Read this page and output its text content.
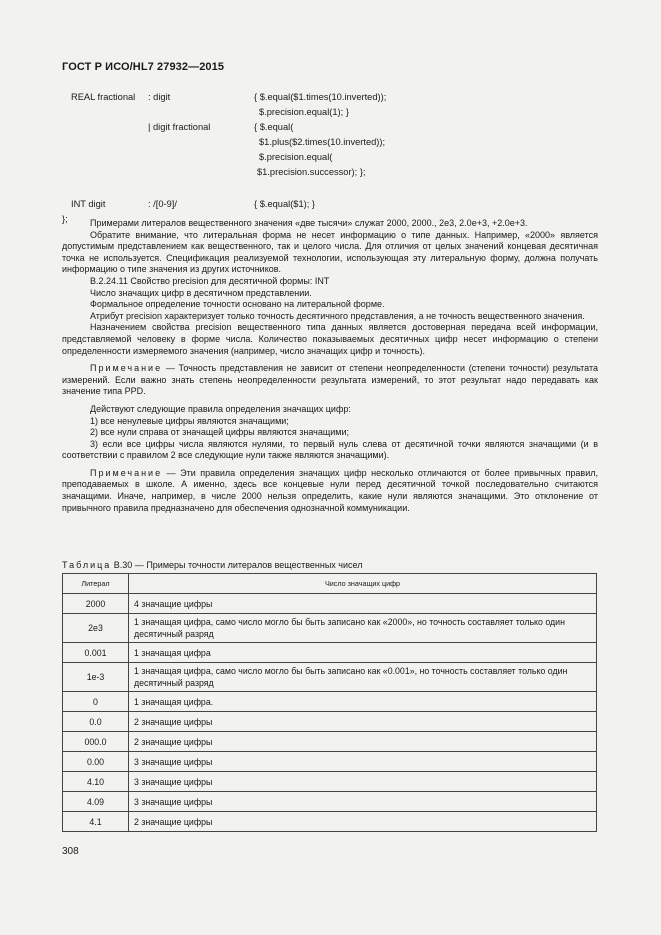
ГОСТ Р ИСО/HL7 27932—2015
REAL fractional : digit	{ $.equal($1.times(10.inverted));
$.precision.equal(1); }
| digit fractional	{ $.equal(
$1.plus($2.times(10.inverted));
$.precision.equal(
$1.precision.successor); };
INT digit	: /[0-9]/	{ $.equal($1); }
};	Примерами литералов вещественного значения «две тысячи» служат 2000, 2000., 2e3, 2.0e+3, +2.0e+3.

Обратите внимание, что литеральная форма не несет информацию о типе данных. Например, «2000» является допустимым представлением как вещественного, так и целого числа. Для отличия от целых значений концевая десятичная точка не используется. Спецификация реализуемой технологии, использующая эту литеральную форму, должна получать информацию о типе значения из других источников.

B.2.24.11 Свойство precision для десятичной формы: INT

Число значащих цифр в десятичном представлении.

Формальное определение точности основано на литеральной форме.

Атрибут precision характеризует только точность десятичного представления, а не точность вещественного значения.

Назначением свойства precision вещественного типа данных является достоверная передача всей информации, представляемой человеку в форме числа. Количество показываемых десятичных цифр несет информацию о степени определенности измеряемого значения (например, число значащих цифр и точность).

Примечание — Точность представления не зависит от степени неопределенности (степени точности) результата измерений. Если важно знать степень неопределенности результата измерений, то этот результат надо передавать как значение типа PPD.

Действуют следующие правила определения значащих цифр:

1) все ненулевые цифры являются значащими;

2) все нули справа от значащей цифры являются значащими;

3) если все цифры числа являются нулями, то первый нуль слева от десятичной точки являются значащими (и в соответствии с правилом 2 все следующие нули также являются значащими).

Примечание — Эти правила определения значащих цифр несколько отличаются от более привычных правил, преподаваемых в школе. А именно, здесь все концевые нули перед десятичной точкой последовательно считаются значащими. Иначе, например, в числе 2000 нельзя определить, какие нули являются значащими. Это отклонение от привычного правила предназначено для обеспечения однозначной коммуникации.

Таблица B.30 — Примеры точности литералов вещественных чисел
Литерал	Число значащих цифр
2000	4 значащие цифры
2e3	1 значащая цифра, само число могло бы быть записано как «2000», но точность составляет только один десятичный разряд
0.001	1 значащая цифра
1e-3	1 значащая цифра, само число могло бы быть записано как «0.001», но точность составляет только один десятичный разряд
0	1 значащая цифра.
0.0	2 значащие цифры
000.0	2 значащие цифры
0.00	3 значащие цифры
4.10	3 значащие цифры
4.09	3 значащие цифры
4.1	2 значащие цифры
308
